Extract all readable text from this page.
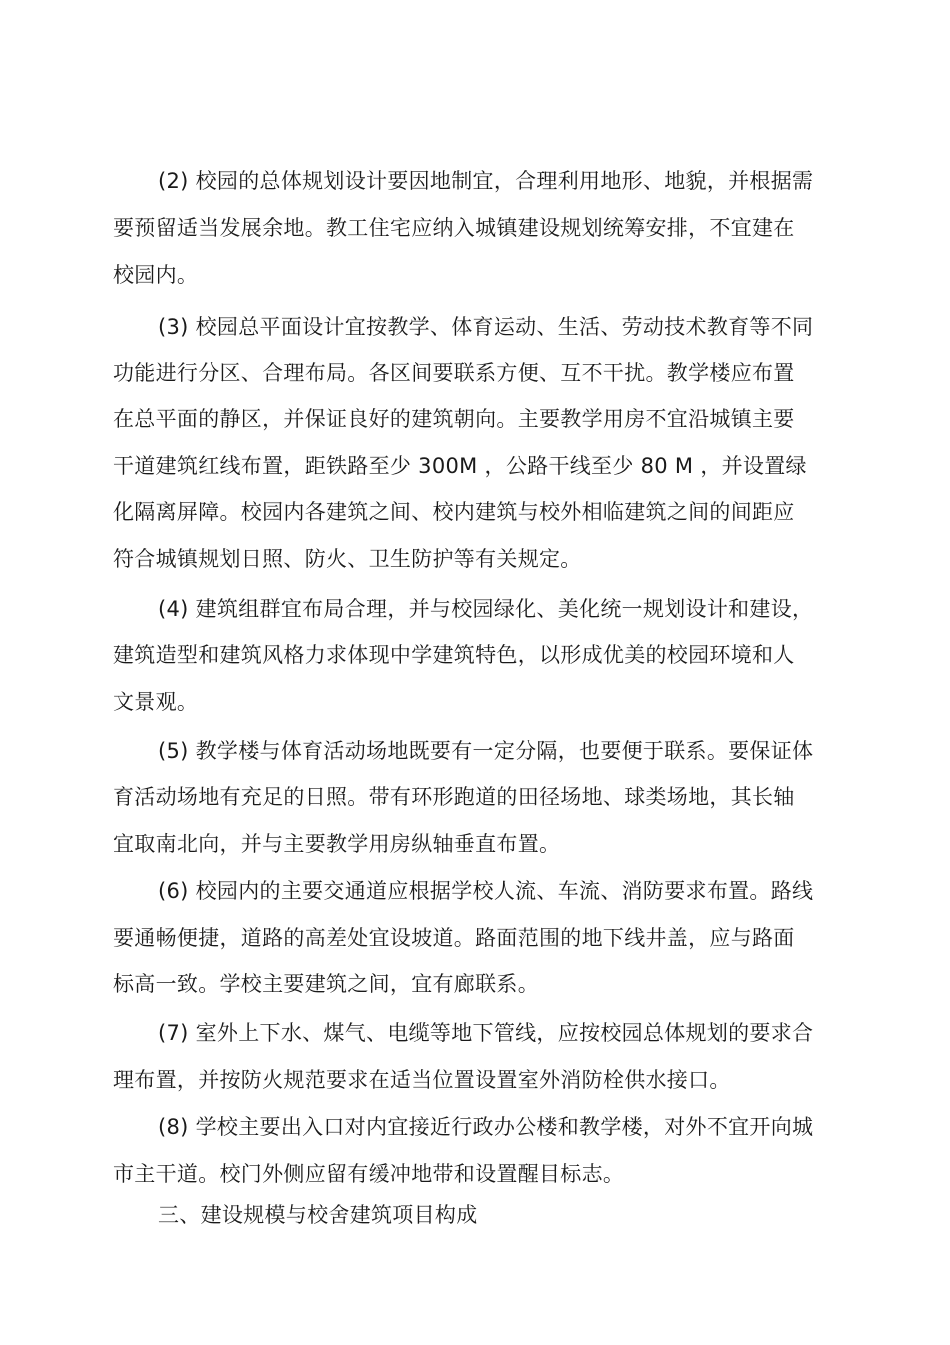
(2) 校园的总体规划设计要因地制宜，合理利用地形、地貌，并根据需
要预留适当发展余地。教工住宅应纳入城镇建设规划统筹安排，不宜建在
校园内。
(3) 校园总平面设计宜按教学、体育运动、生活、劳动技术教育等不同
功能进行分区、合理布局。各区间要联系方便、互不干扰。教学楼应布置
在总平面的静区，并保证良好的建筑朝向。主要教学用房不宜沿城镇主要
干道建筑红线布置，距铁路至少 300M ，公路干线至少 80 M ，并设置绿
化隔离屏障。校园内各建筑之间、校内建筑与校外相临建筑之间的间距应
符合城镇规划日照、防火、卫生防护等有关规定。
(4) 建筑组群宜布局合理，并与校园绿化、美化统一规划设计和建设，
建筑造型和建筑风格力求体现中学建筑特色，以形成优美的校园环境和人
文景观。
(5) 教学楼与体育活动场地既要有一定分隔，也要便于联系。要保证体
育活动场地有充足的日照。带有环形跑道的田径场地、球类场地，其长轴
宜取南北向，并与主要教学用房纵轴垂直布置。
(6) 校园内的主要交通道应根据学校人流、车流、消防要求布置。路线
要通畅便捷，道路的高差处宜设坡道。路面范围的地下线井盖，应与路面
标高一致。学校主要建筑之间，宜有廊联系。
(7) 室外上下水、煤气、电缆等地下管线，应按校园总体规划的要求合
理布置，并按防火规范要求在适当位置设置室外消防栓供水接口。
(8) 学校主要出入口对内宜接近行政办公楼和教学楼，对外不宜开向城
市主干道。校门外侧应留有缓冲地带和设置醒目标志。
三、建设规模与校舍建筑项目构成
